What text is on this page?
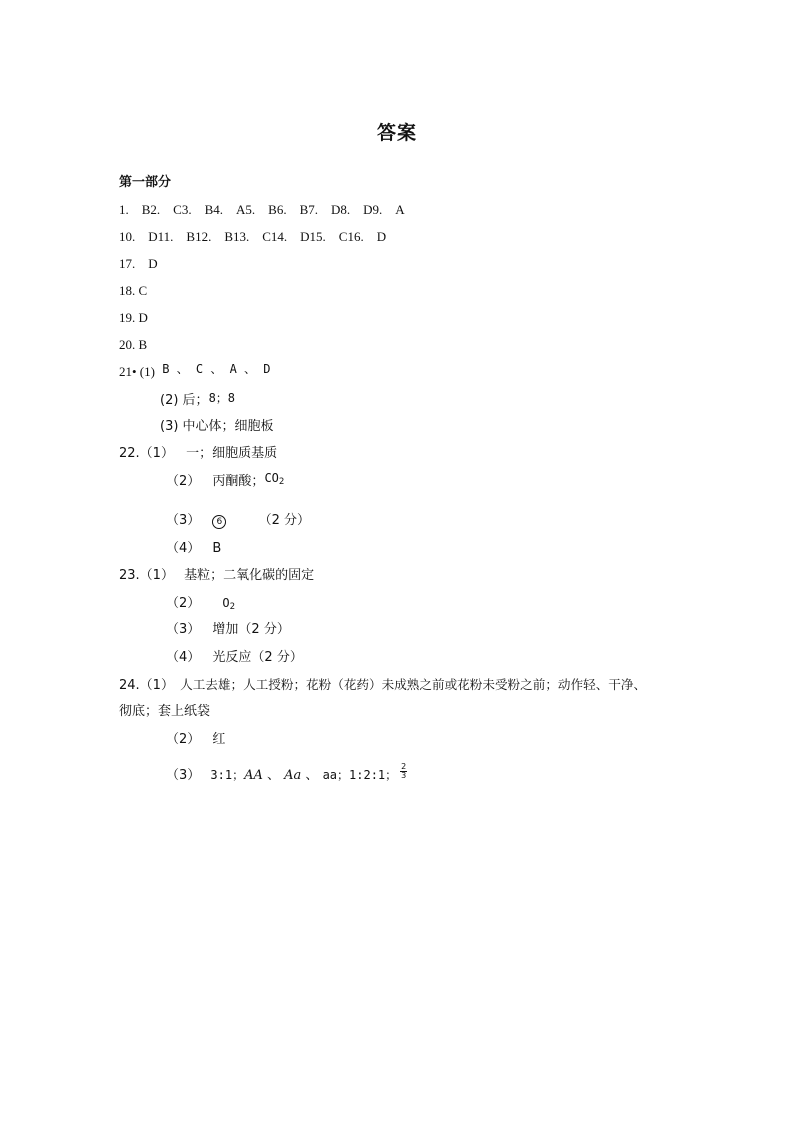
答案
第一部分
1.　B2.　C3.　B4.　A5.　B6.　B7.　D8.　D9.　A
10.　D11.　B12.　B13.　C14.　D15.　C16.　D
17.　D
18. C
19. D
20. B
21• (1) B 、 C 、 A 、 D
(2) 后；8；8
(3) 中心体；细胞板
22.（1） 一；细胞质基质
（2） 丙酮酸；$CO_2$
（3） 6	（2 分）
（4） B
23.（1） 基粒；二氧化碳的固定
（2） $O_2$
（3） 增加（2 分）
（4） 光反应（2 分）
24.（1） 人工去雄；人工授粉；花粉（花药）未成熟之前或花粉未受粉之前；动作轻、干净、
彻底；套上纸袋
（2） 红
（3） 3:1；AA 、 Aa 、 aa；1:2:1； $\frac{2}{3}$
